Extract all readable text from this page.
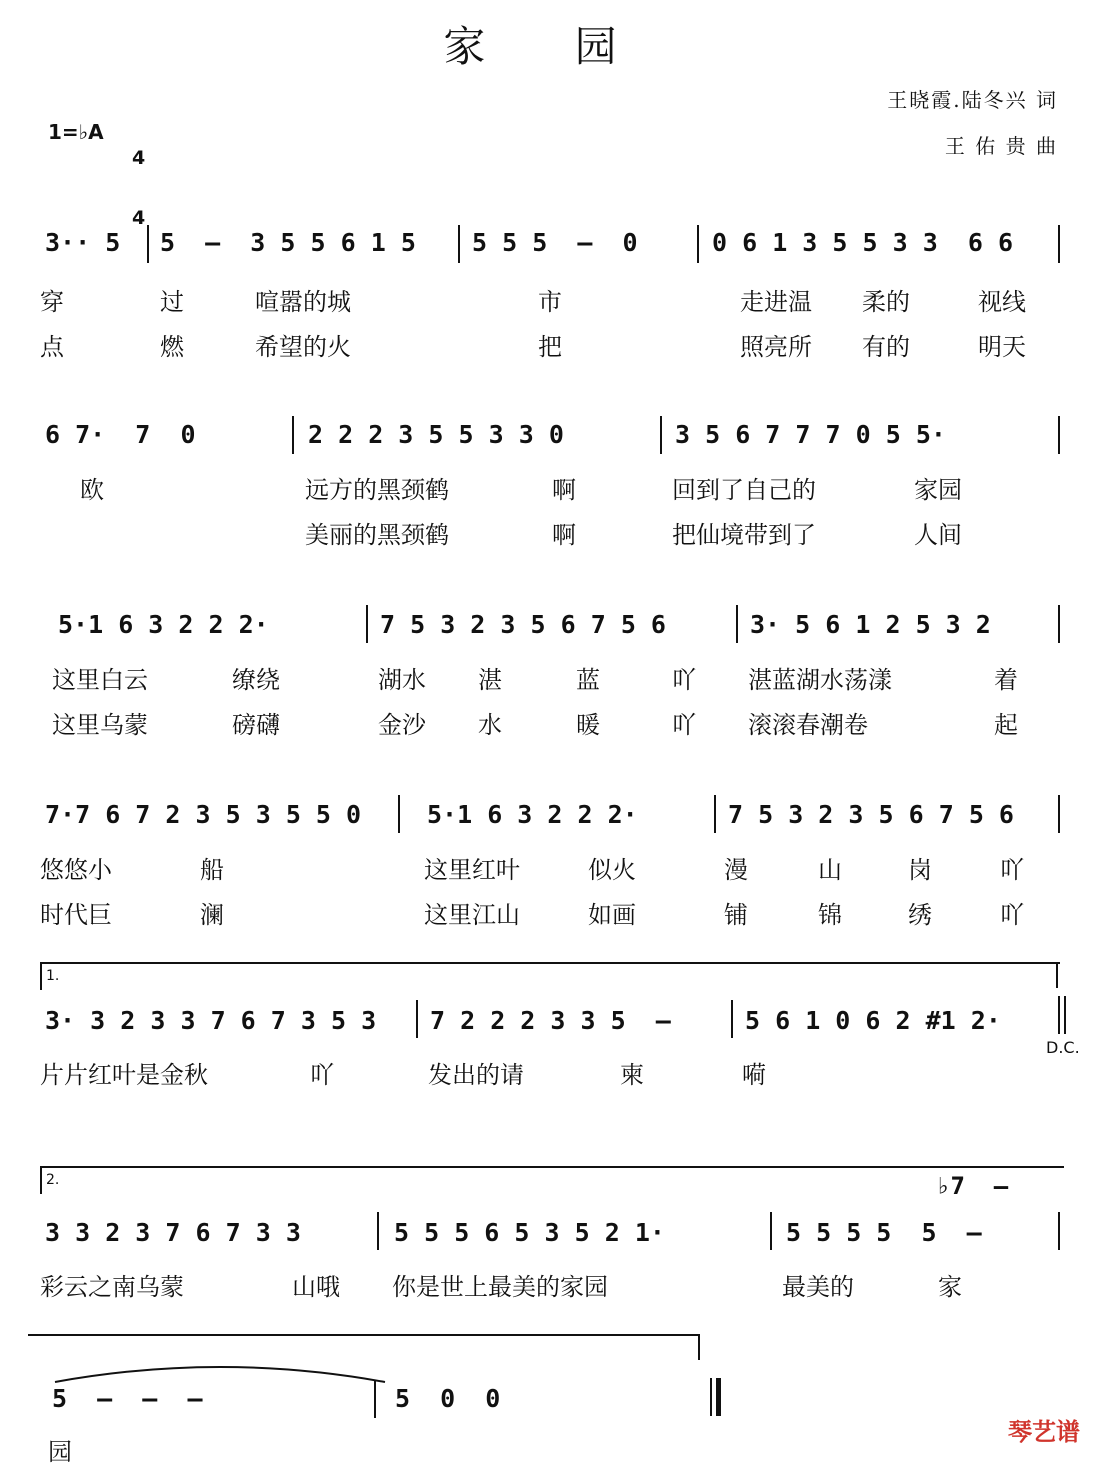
家 园
王晓霞.陆冬兴 词
王 佑 贵 曲
1=♭A

4

4

3·· 5 5  –  3 5 5 6 1 5 5 5 5  –  0	0 6 1 3 5 5 3 3  6 6
穿	过	喧嚣的城	市	走进温 柔的	视线
点	燃	希望的火	把	照亮所 有的	明天
6 7·  7  0	2 2 2 3 5 5 3 3 0	3 5 6 7 7 7 0 5 5·
欧	远方的黑颈鹤	啊	回到了自己的	家园
美丽的黑颈鹤	啊	把仙境带到了	人间
5·1 6 3 2 2 2·	7 5 3 2 3 5 6 7 5 6	3· 5 6 1 2 5 3 2
这里白云	缭绕	湖水 湛	蓝	吖 湛蓝湖水荡漾	着
这里乌蒙	磅礴	金沙 水	暖	吖 滚滚春潮卷	起
7·7 6 7 2 3 5 3 5 5 0	5·1 6 3 2 2 2·	7 5 3 2 3 5 6 7 5 6
悠悠小	船	这里红叶	似火	漫	山	岗	吖
时代巨	澜	这里江山	如画	铺	锦	绣	吖
1.
3· 3 2 3 3 7 6 7 3 5 3 7 2 2 2 3 3 5  –	5 6 1 0 6 2 #1 2·
D.C.
片片红叶是金秋	吖	发出的请	柬	嗬
2.	♭7  –
3 3 2 3 7 6 7 3 3	5 5 5 6 5 3 5 2 1·	5 5 5 5  5  –
彩云之南乌蒙	山哦 你是世上最美的家园	最美的	家
5  –  –  –	5  0  0
园
琴艺谱
